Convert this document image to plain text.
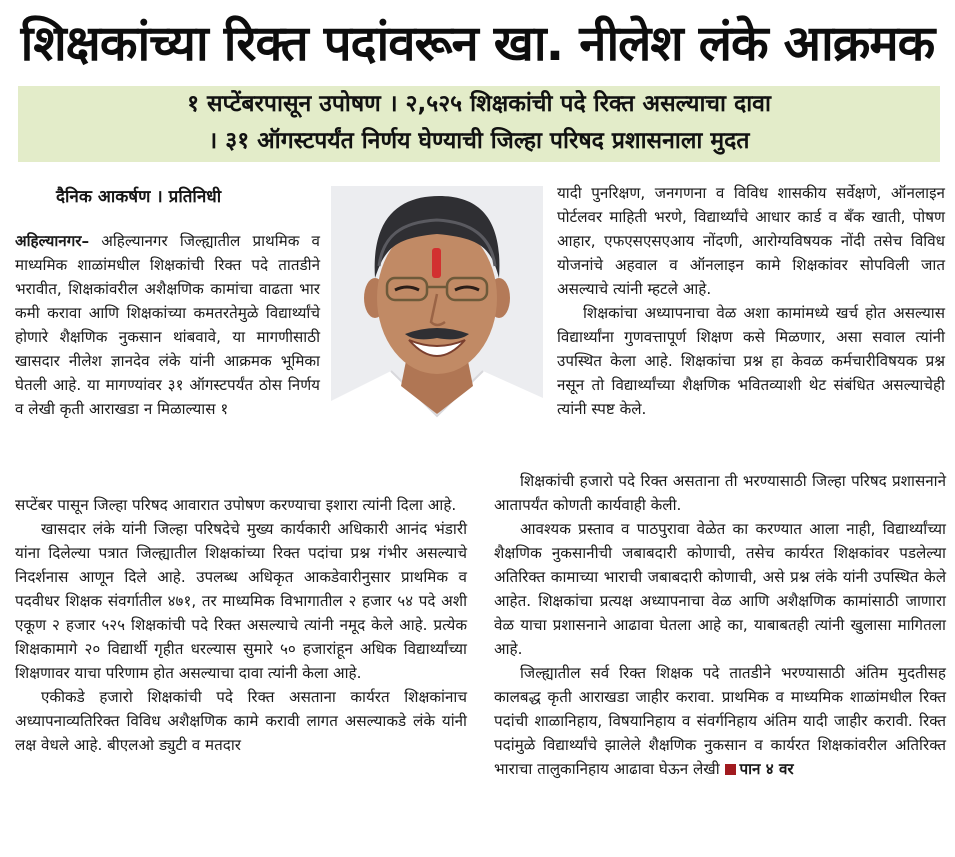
शिक्षकांच्या रिक्त पदांवरून खा. नीलेश लंके आक्रमक
१ सप्टेंबरपासून उपोषण । २,५२५ शिक्षकांची पदे रिक्त असल्याचा दावा
। ३१ ऑगस्टपर्यंत निर्णय घेण्याची जिल्हा परिषद प्रशासनाला मुदत
दैनिक आकर्षण । प्रतिनिधी

अहिल्यानगर– अहिल्यानगर जिल्ह्यातील प्राथमिक व माध्यमिक शाळांमधील शिक्षकांची रिक्त पदे तातडीने भरावीत, शिक्षकांवरील अशैक्षणिक कामांचा वाढता भार कमी करावा आणि शिक्षकांच्या कमतरतेमुळे विद्यार्थ्यांचे होणारे शैक्षणिक नुकसान थांबवावे, या मागणीसाठी खासदार नीलेश ज्ञानदेव लंके यांनी आक्रमक भूमिका घेतली आहे. या मागण्यांवर ३१ ऑगस्टपर्यंत ठोस निर्णय व लेखी कृती आराखडा न मिळाल्यास १

सप्टेंबर पासून जिल्हा परिषद आवारात उपोषण करण्याचा इशारा त्यांनी दिला आहे.

खासदार लंके यांनी जिल्हा परिषदेचे मुख्य कार्यकारी अधिकारी आनंद भंडारी यांना दिलेल्या पत्रात जिल्ह्यातील शिक्षकांच्या रिक्त पदांचा प्रश्न गंभीर असल्याचे निदर्शनास आणून दिले आहे. उपलब्ध अधिकृत आकडेवारीनुसार प्राथमिक व पदवीधर शिक्षक संवर्गातील ४७१, तर माध्यमिक विभागातील २ हजार ५४ पदे अशी एकूण २ हजार ५२५ शिक्षकांची पदे रिक्त असल्याचे त्यांनी नमूद केले आहे. प्रत्येक शिक्षकामागे २० विद्यार्थी गृहीत धरल्यास सुमारे ५० हजारांहून अधिक विद्यार्थ्यांच्या शिक्षणावर याचा परिणाम होत असल्याचा दावा त्यांनी केला आहे.

एकीकडे हजारो शिक्षकांची पदे रिक्त असताना कार्यरत शिक्षकांनाच अध्यापनाव्यतिरिक्त विविध अशैक्षणिक कामे करावी लागत असल्याकडे लंके यांनी लक्ष वेधले आहे. बीएलओ ड्युटी व मतदार

यादी पुनरिक्षण, जनगणना व विविध शासकीय सर्वेक्षणे, ऑनलाइन पोर्टलवर माहिती भरणे, विद्यार्थ्यांचे आधार कार्ड व बँक खाती, पोषण आहार, एफएसएसएआय नोंदणी, आरोग्यविषयक नोंदी तसेच विविध योजनांचे अहवाल व ऑनलाइन कामे शिक्षकांवर सोपविली जात असल्याचे त्यांनी म्हटले आहे.

शिक्षकांचा अध्यापनाचा वेळ अशा कामांमध्ये खर्च होत असल्यास विद्यार्थ्यांना गुणवत्तापूर्ण शिक्षण कसे मिळणार, असा सवाल त्यांनी उपस्थित केला आहे. शिक्षकांचा प्रश्न हा केवळ कर्मचारीविषयक प्रश्न नसून तो विद्यार्थ्यांच्या शैक्षणिक भवितव्याशी थेट संबंधित असल्याचेही त्यांनी स्पष्ट केले.

शिक्षकांची हजारो पदे रिक्त असताना ती भरण्यासाठी जिल्हा परिषद प्रशासनाने आतापर्यंत कोणती कार्यवाही केली.

आवश्यक प्रस्ताव व पाठपुरावा वेळेत का करण्यात आला नाही, विद्यार्थ्यांच्या शैक्षणिक नुकसानीची जबाबदारी कोणाची, तसेच कार्यरत शिक्षकांवर पडलेल्या अतिरिक्त कामाच्या भाराची जबाबदारी कोणाची, असे प्रश्न लंके यांनी उपस्थित केले आहेत. शिक्षकांचा प्रत्यक्ष अध्यापनाचा वेळ आणि अशैक्षणिक कामांसाठी जाणारा वेळ याचा प्रशासनाने आढावा घेतला आहे का, याबाबतही त्यांनी खुलासा मागितला आहे.

जिल्ह्यातील सर्व रिक्त शिक्षक पदे तातडीने भरण्यासाठी अंतिम मुदतीसह कालबद्ध कृती आराखडा जाहीर करावा. प्राथमिक व माध्यमिक शाळांमधील रिक्त पदांची शाळानिहाय, विषयानिहाय व संवर्गनिहाय अंतिम यादी जाहीर करावी. रिक्त पदांमुळे विद्यार्थ्यांचे झालेले शैक्षणिक नुकसान व कार्यरत शिक्षकांवरील अतिरिक्त भाराचा तालुकानिहाय आढावा घेऊन लेखी पान ४ वर
